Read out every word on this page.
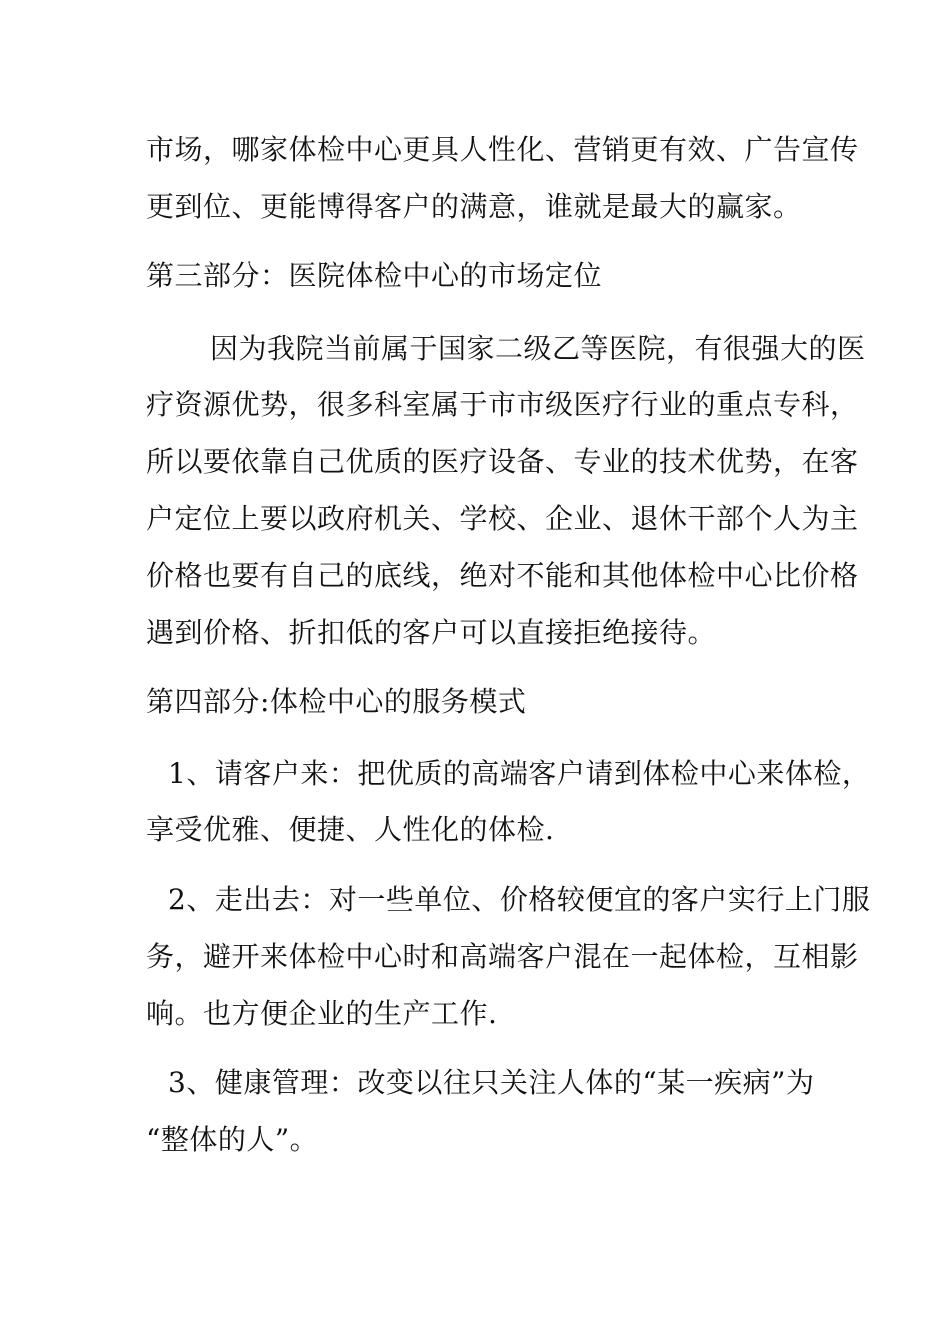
市场，哪家体检中心更具人性化、营销更有效、广告宣传
更到位、更能博得客户的满意，谁就是最大的赢家。
第三部分：医院体检中心的市场定位
因为我院当前属于国家二级乙等医院，有很强大的医
疗资源优势，很多科室属于市市级医疗行业的重点专科，
所以要依靠自己优质的医疗设备、专业的技术优势，在客
户定位上要以政府机关、学校、企业、退休干部个人为主
价格也要有自己的底线，绝对不能和其他体检中心比价格
遇到价格、折扣低的客户可以直接拒绝接待。
第四部分:体检中心的服务模式
1、请客户来：把优质的高端客户请到体检中心来体检，
享受优雅、便捷、人性化的体检.
2、走出去：对一些单位、价格较便宜的客户实行上门服
务，避开来体检中心时和高端客户混在一起体检，互相影
响。也方便企业的生产工作.
3、健康管理：改变以往只关注人体的“某一疾病”为
“整体的人”。
